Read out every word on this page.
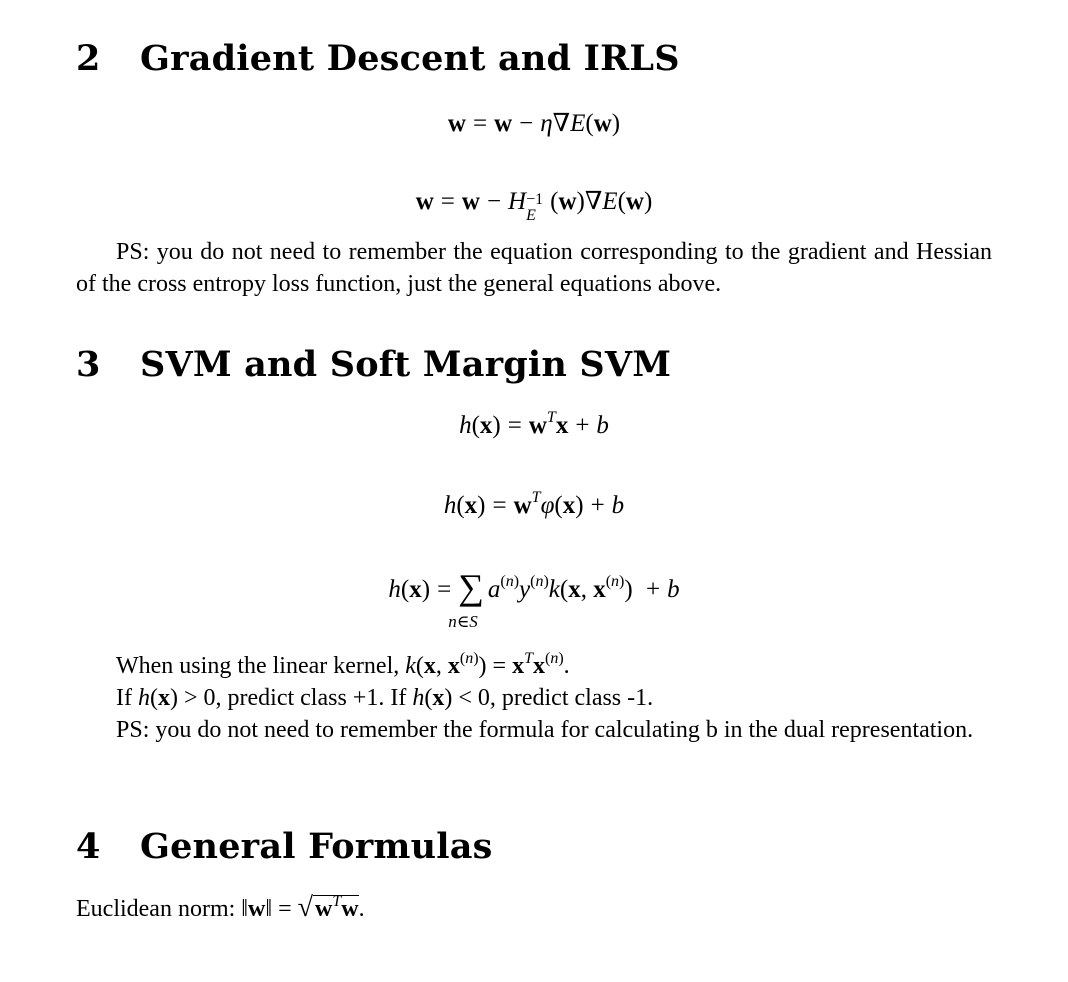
2 Gradient Descent and IRLS
w = w − η∇E(w)
w = w − H −1
E
(w)∇E(w)
PS: you do not need to remember the equation corresponding to the gradient and Hessian of the cross entropy loss function, just the general equations above.
3 SVM and Soft Margin SVM
$h(x) = w^Tx + b$
$h(x) = w^T\varphi(x) + b$
h(x) = ∑
n∈S
$a^{(n)}y^{(n)}k(x$, $x^{(n)}) + b$
When using the linear kernel, k(x, $x^{(n)}) = x^Tx^{(n)}$.
If h(x) > 0, predict class +1. If h(x) < 0, predict class -1.
PS: you do not need to remember the formula for calculating b in the dual representation.
4 General Formulas
Euclidean norm: ‖w‖ = $√w^Tw$.
